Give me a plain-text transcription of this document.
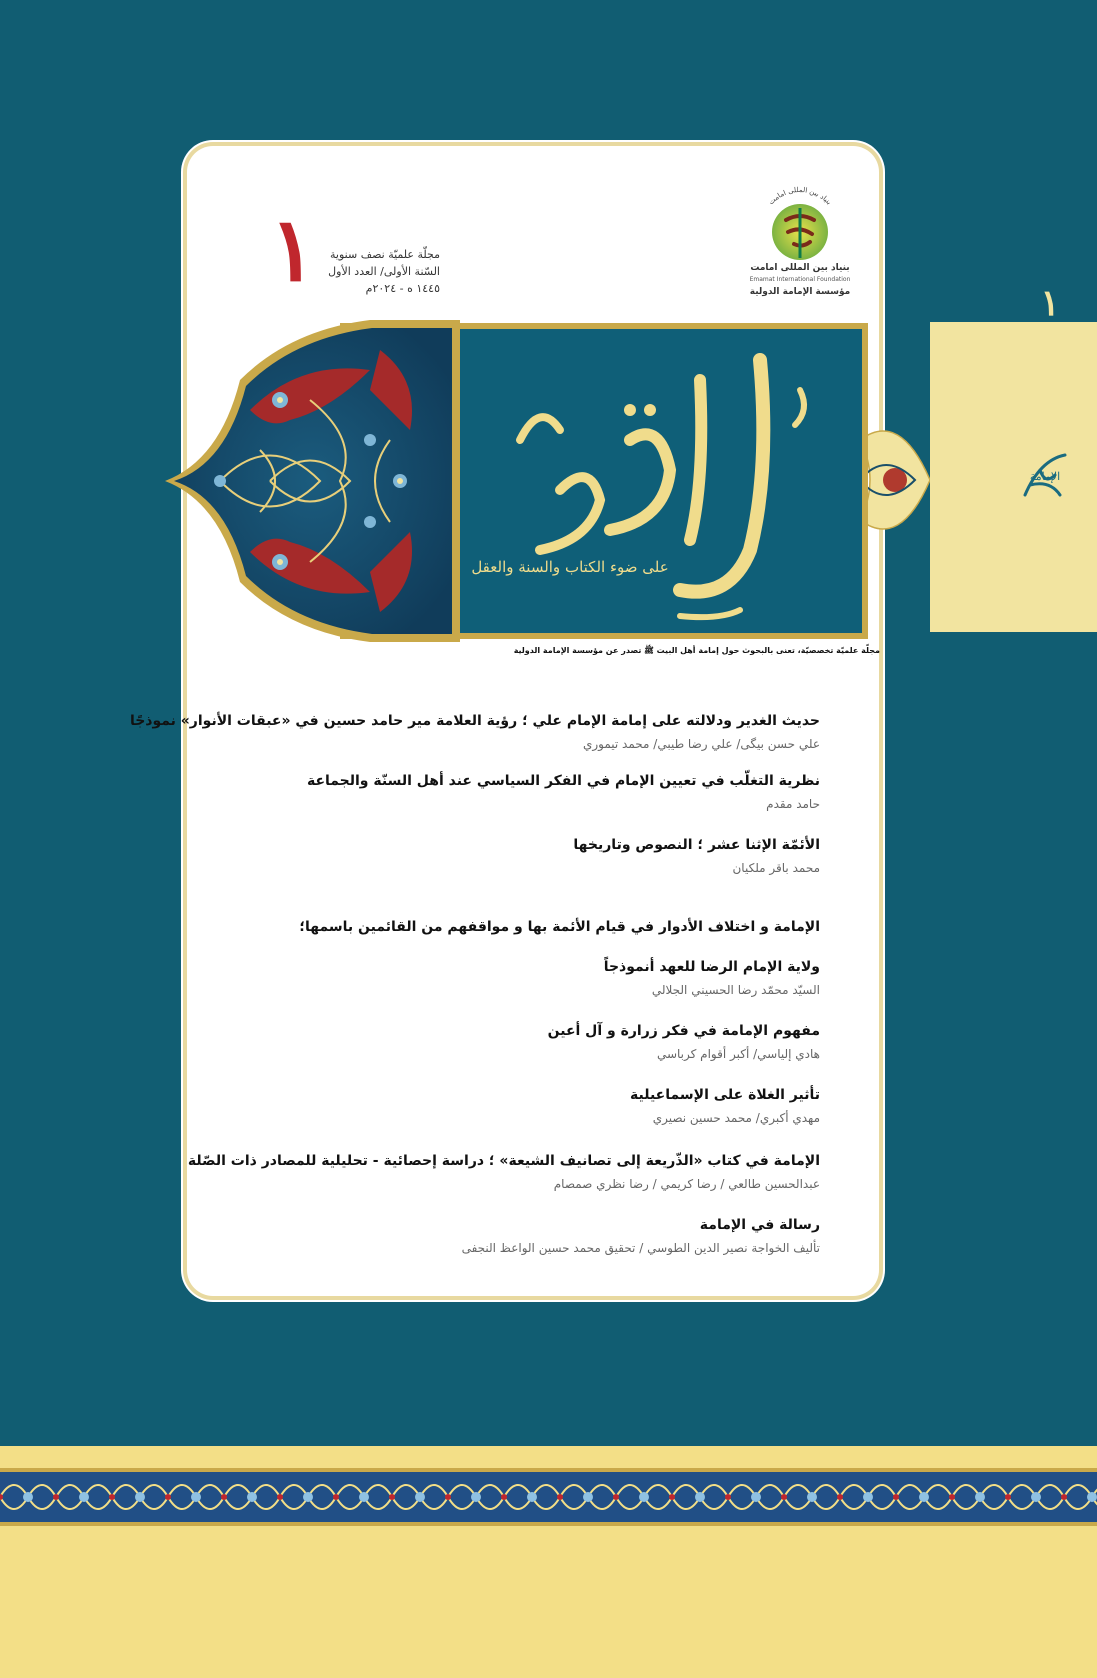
١
الإمامة
١	مجلّة علميّة نصف سنوية
السّنة الأولی/ العدد الأول
١٤٤٥ ه - ٢٠٢٤م
بنياد بين المللی امامت
بنیاد بین المللی امامت
Emamat International Foundation
مؤسسة الإمامة الدولية
الإمامة
علی ضوء الكتاب والسنة والعقل
مجلّة علميّة تخصصيّة، تعنی بالبحوث حول إمامة أهل البيت ﷺ تصدر عن مؤسسة الإمامة الدولية
حديث الغدير ودلالته على إمامة الإمام علي ؛ رؤية العلامة مير حامد حسين في «عبقات الأنوار» نموذجًا
علي حسن بيگی/ علي رضا طيبي/ محمد تيموري
نظرية التغلّب في تعيين الإمام في الفكر السياسي عند أهل السنّة والجماعة
حامد مقدم
الأئمّة الإثنا عشر ؛ النصوص وتاريخها
محمد باقر ملكيان
الإمامة و اختلاف الأدوار في قيام الأئمة بها و مواقفهم من القائمين باسمها؛
ولاية الإمام الرضا للعهد أنموذجاً
السيّد محمّد رضا الحسيني الجلالي
مفهوم الإمامة في فكر زرارة و آل أعين
هادي إلياسي/ أكبر أقوام كرباسي
تأثير الغلاة على الإسماعيلية
مهدي أكبري/ محمد حسين نصيري
الإمامة في كتاب «الذّريعة إلى تصانيف الشيعة» ؛ دراسة إحصائية - تحليلية للمصادر ذات الصّلة
عبدالحسين طالعي / رضا كريمي / رضا نظري صمصام
رسالة في الإمامة
تأليف الخواجة نصير الدين الطوسي / تحقيق محمد حسين الواعظ النجفی
